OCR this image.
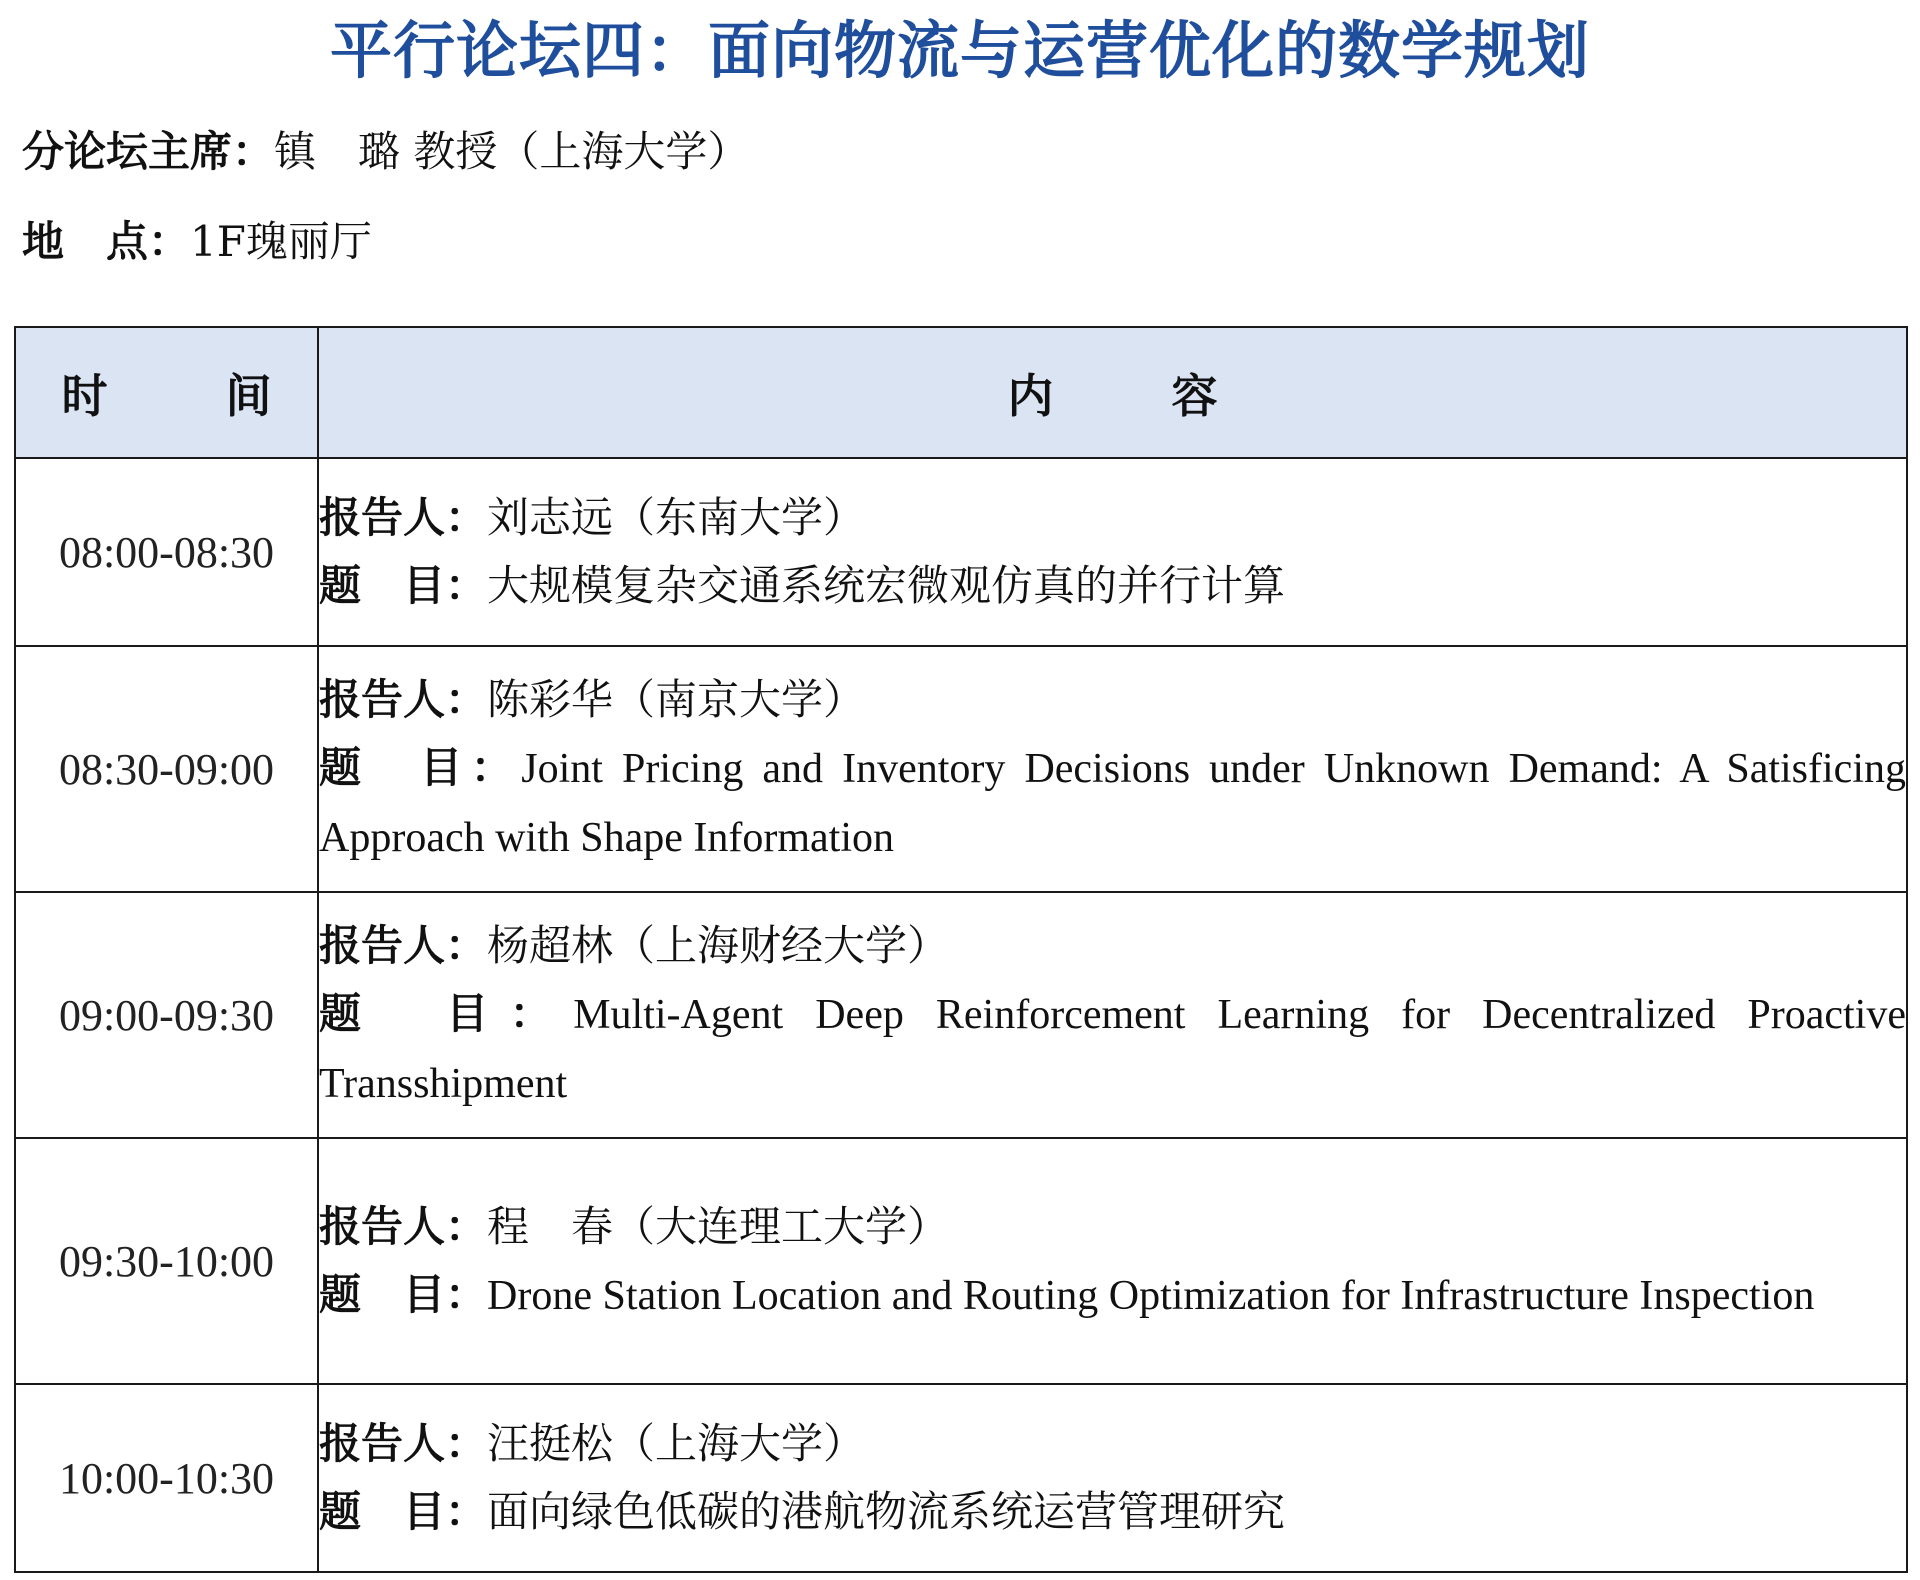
平行论坛四：面向物流与运营优化的数学规划
分论坛主席：镇　璐 教授（上海大学）
地　点：1F瑰丽厅
时　间	内　容
08:00-08:30	报告人：刘志远（东南大学）
题　目：大规模复杂交通系统宏微观仿真的并行计算

08:30-09:00	报告人：陈彩华（南京大学）
题　目：Joint Pricing and Inventory Decisions under Unknown Demand: A Satisficing Approach with Shape Information

09:00-09:30	报告人：杨超林（上海财经大学）
题　目：Multi-Agent Deep Reinforcement Learning for Decentralized Proactive Transshipment

09:30-10:00	报告人：程　春（大连理工大学）
题　目：Drone Station Location and Routing Optimization for Infrastructure Inspection

10:00-10:30	报告人：汪挺松（上海大学）
题　目：面向绿色低碳的港航物流系统运营管理研究
